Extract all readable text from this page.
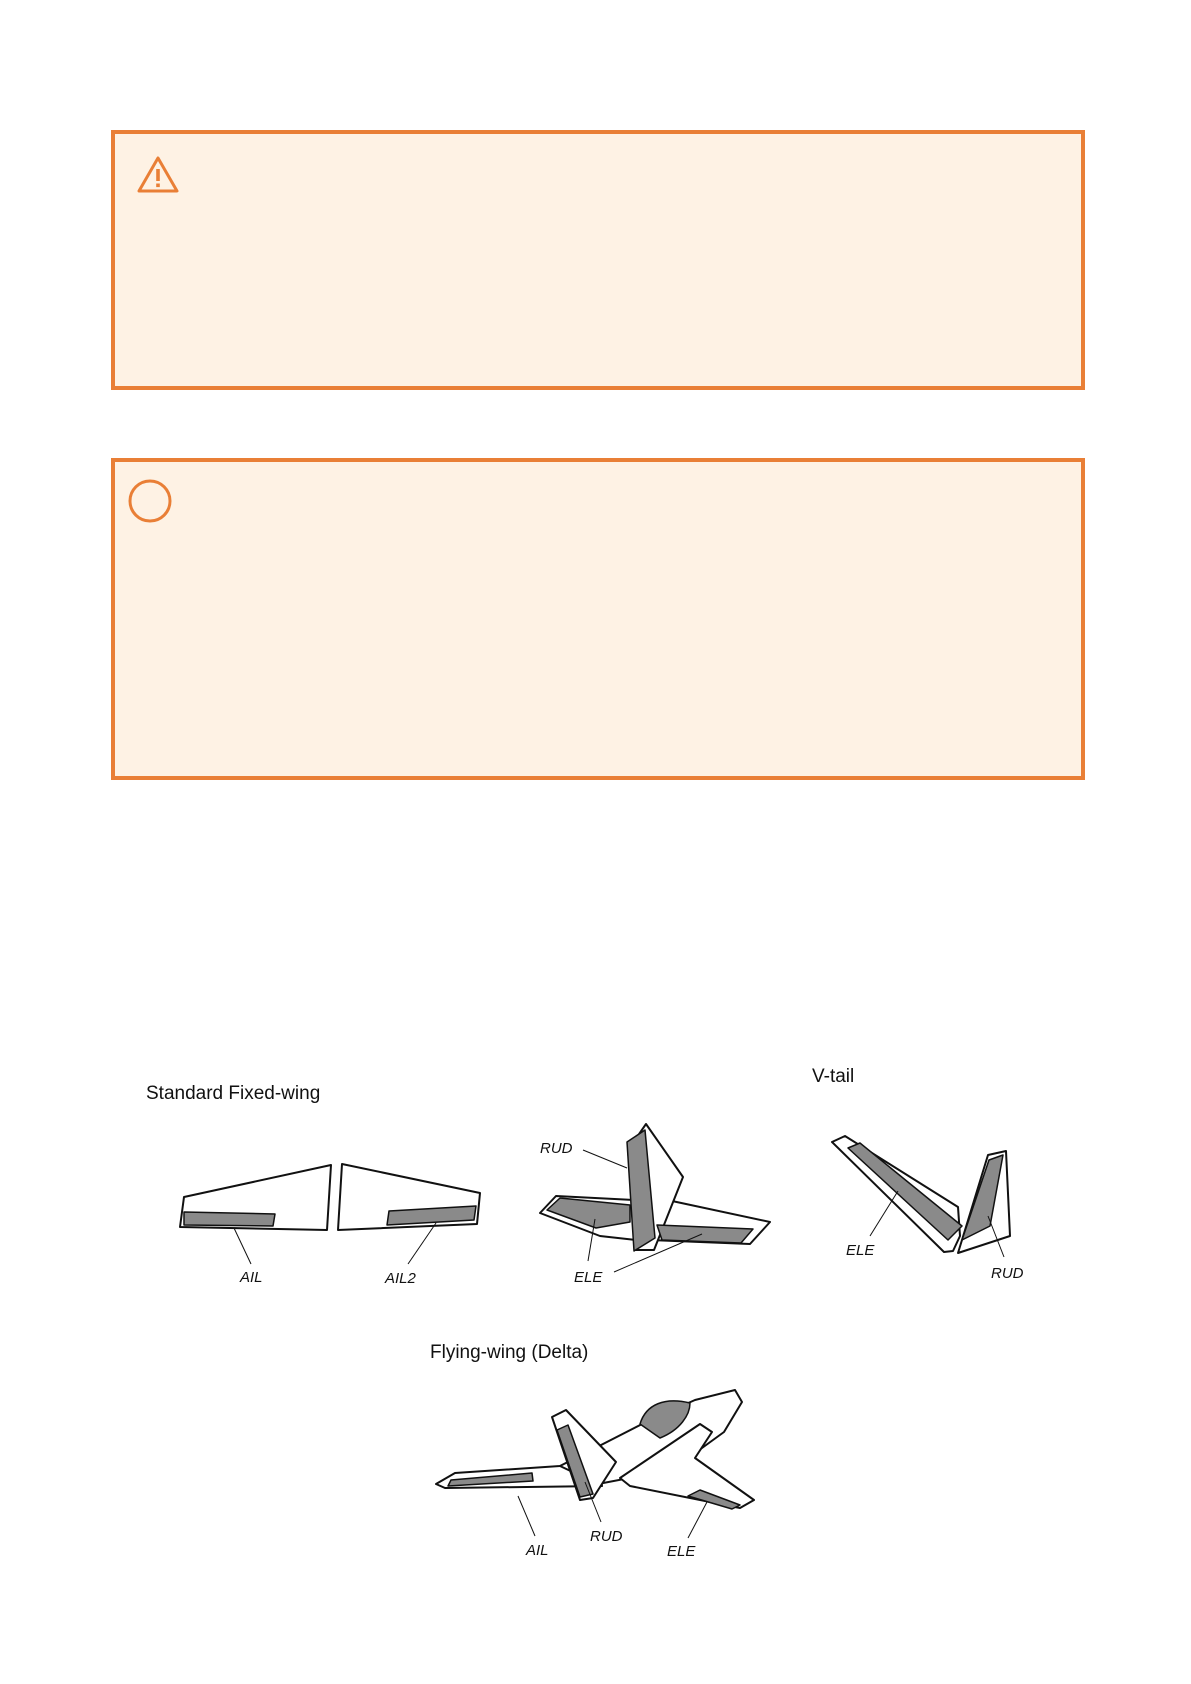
Standard Fixed-wing
V-tail
Flying-wing (Delta)
AIL	AIL2
RUD
ELE
ELE
RUD
AIL
RUD
ELE
